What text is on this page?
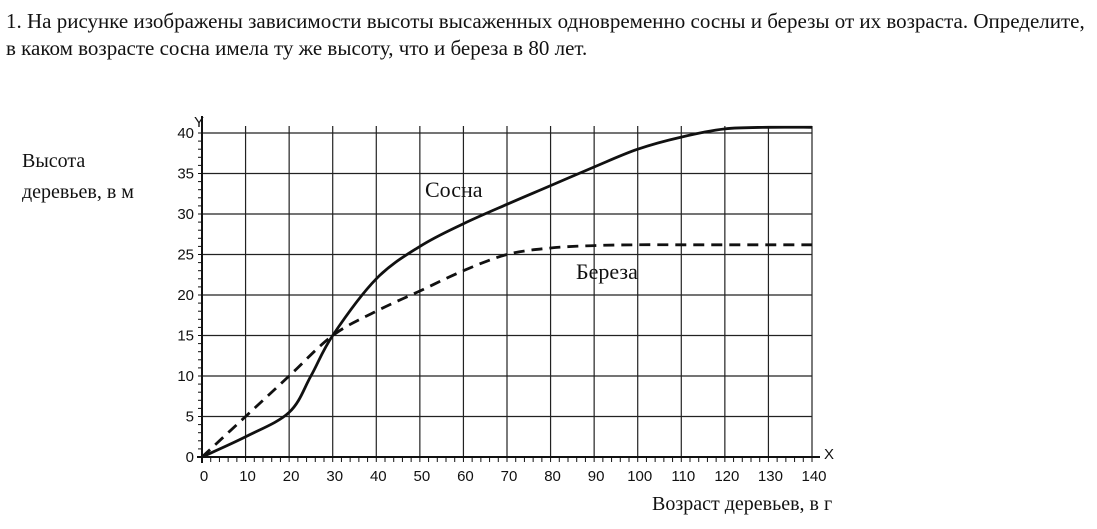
1. На рисунке изображены зависимости высоты высаженных одновременно сосны и березы от их возраста. Определите, в каком возрасте сосна имела ту же высоту, что и береза в 80 лет.

0 10 20 30 40 50 60 70 80 90 100 110 120 130 140
0
5
10
15
20
25
30
35
40
Высота
деревьев, в м
Возраст деревьев, в г
Y
X
Сосна
Береза
